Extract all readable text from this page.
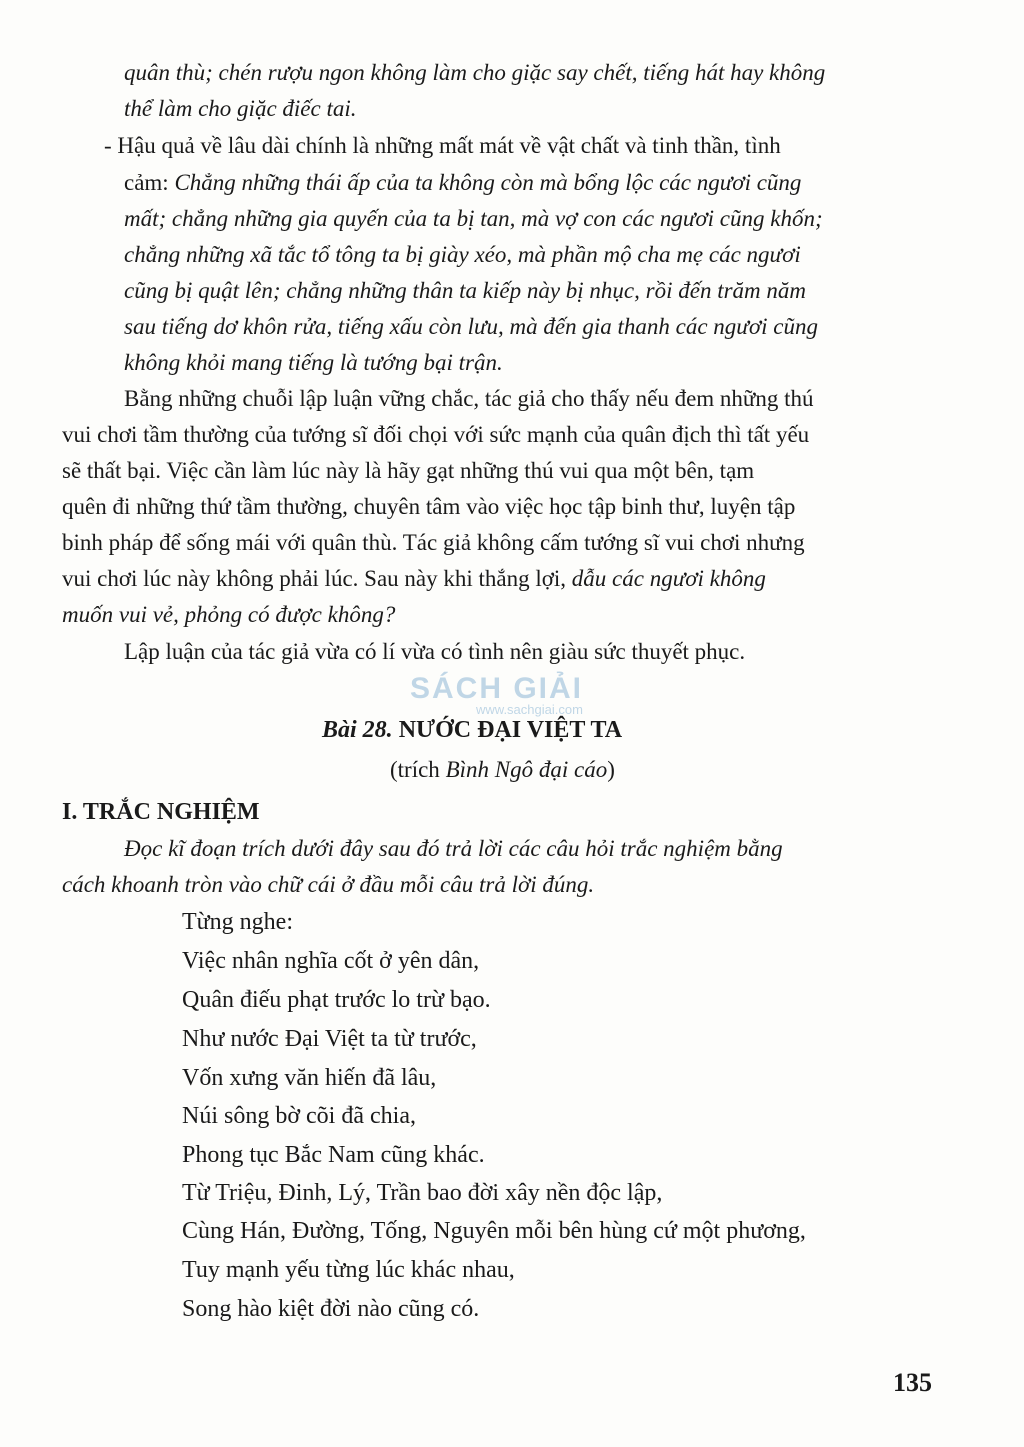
quân thù; chén rượu ngon không làm cho giặc say chết, tiếng hát hay không
thể làm cho giặc điếc tai.
- Hậu quả về lâu dài chính là những mất mát về vật chất và tinh thần, tình
cảm: Chẳng những thái ấp của ta không còn mà bổng lộc các ngươi cũng
mất; chẳng những gia quyến của ta bị tan, mà vợ con các ngươi cũng khốn;
chẳng những xã tắc tổ tông ta bị giày xéo, mà phần mộ cha mẹ các ngươi
cũng bị quật lên; chẳng những thân ta kiếp này bị nhục, rồi đến trăm năm
sau tiếng dơ khôn rửa, tiếng xấu còn lưu, mà đến gia thanh các ngươi cũng
không khỏi mang tiếng là tướng bại trận.
Bằng những chuỗi lập luận vững chắc, tác giả cho thấy nếu đem những thú
vui chơi tầm thường của tướng sĩ đối chọi với sức mạnh của quân địch thì tất yếu
sẽ thất bại. Việc cần làm lúc này là hãy gạt những thú vui qua một bên, tạm
quên đi những thứ tầm thường, chuyên tâm vào việc học tập binh thư, luyện tập
binh pháp để sống mái với quân thù. Tác giả không cấm tướng sĩ vui chơi nhưng
vui chơi lúc này không phải lúc. Sau này khi thắng lợi, dẫu các ngươi không
muốn vui vẻ, phỏng có được không?
Lập luận của tác giả vừa có lí vừa có tình nên giàu sức thuyết phục.
SÁCH GIẢI
www.sachgiai.com
Bài 28. NƯỚC ĐẠI VIỆT TA
(trích Bình Ngô đại cáo)
I. TRẮC NGHIỆM
Đọc kĩ đoạn trích dưới đây sau đó trả lời các câu hỏi trắc nghiệm bằng
cách khoanh tròn vào chữ cái ở đầu mỗi câu trả lời đúng.
Từng nghe:
Việc nhân nghĩa cốt ở yên dân,
Quân điếu phạt trước lo trừ bạo.
Như nước Đại Việt ta từ trước,
Vốn xưng văn hiến đã lâu,
Núi sông bờ cõi đã chia,
Phong tục Bắc Nam cũng khác.
Từ Triệu, Đinh, Lý, Trần bao đời xây nền độc lập,
Cùng Hán, Đường, Tống, Nguyên mỗi bên hùng cứ một phương,
Tuy mạnh yếu từng lúc khác nhau,
Song hào kiệt đời nào cũng có.
135
